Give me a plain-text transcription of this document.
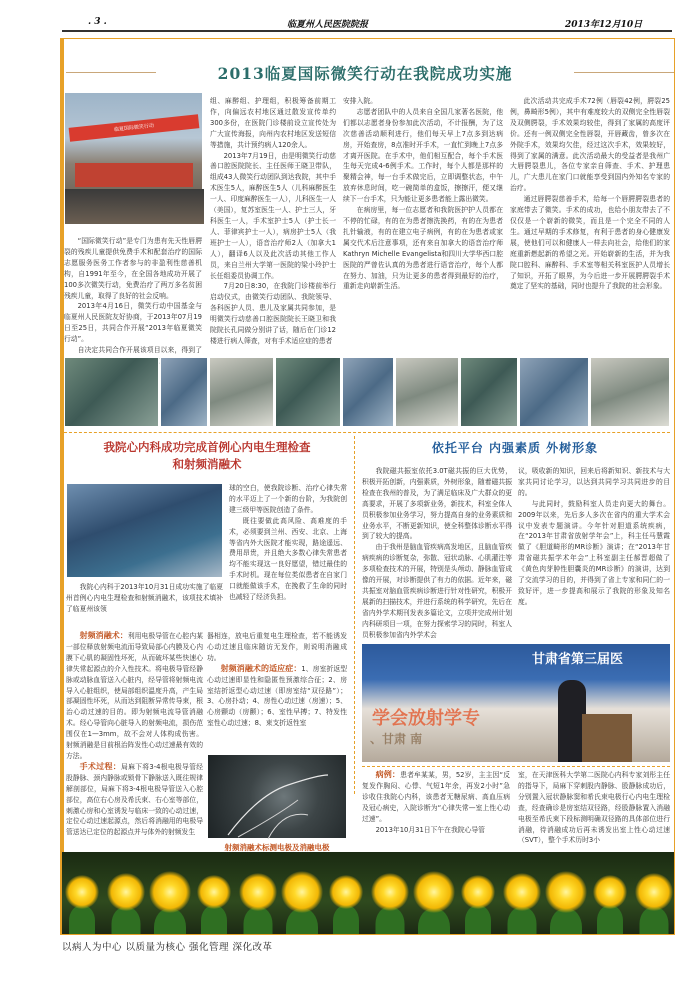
. 3 .	临夏州人民医院院报	2013年12月10日
2013临夏国际微笑行动在我院成功实施
临夏国际微笑行动

“国际微笑行动”是专门为患有先天性唇腭裂的残疾儿童提供免费手术和配套治疗的国际志愿服务医务工作者参与的非盈利性慈善机构，自1991年至今，在全国各地成功开展了100多次微笑行动，免费治疗了两万多名贫困残疾儿童，取得了良好的社会反响。

2013年4月16日，微笑行动中国基金与临夏州人民医院友好协商，于2013年07月19日至25日，共同合作开展“2013年临夏微笑行动”。

自决定共同合作开展该项目以来，得到了

组、麻醉组、护理组，积极筹备前期工作，向偏远农村地区通过散发宣传单约300多份，在医院门诊楼前设立宣传处为广大宣传海报，向州内农村地区发送短信等措施，共计预约病人120余人。

2013年7月19日，由是明微笑行动慈善口腔医院院长、主任医师王晓卫带队，组成43人微笑行动团队到达我院，其中手术医生5人，麻醉医生5人（儿科麻醉医生一人、印度麻醉医生一人），儿科医生一人（美国），复苏室医生一人、护士三人，牙科医生一人，手术室护士5人（护士长一人、菲律宾护士一人），病房护士5人（我班护士一人），语音治疗师2人（加拿大1人），翻译6人以及此次活动其他工作人员，来自兰州大学第一医院的梁小玲护士长任组委员协调工作。

7月20日8:30，在我院门诊楼前举行启动仪式，由微笑行动团队、我院领导、各科医护人员、患儿及家属共同参加，是明微笑行动慈善口腔医院院长王晓卫和我院院长孔同做分别讲了话，随后在门诊12楼进行病人筛查，对有手术适应症的患者

安排入院。

志愿者团队中的人员来自全国几家著名医院，他们都以志愿者身份参加此次活动，不计报酬，为了这次慈善活动顺利进行，他们每天早上7点多到达病房，开始查房，8点准时开手术，一直忙到晚上7点多才离开医院。在手术中，他们相互配合，每个手术医生每天完成4-6例手术。工作时，每个人都是那样的聚精会神，每一台手术做完后，立即调整状态，中午放弃休息时间，吃一碗简单的盒饭，擦擦汗，便又继续下一台手术，只为能让更多患者能上露出微笑。

在病房里，每一位志愿者和我院医护护人员都在不停的忙碌，有的在为患者擦洗换药，有的在为患者扎针输液，有的在建立电子病例，有的在为患者或家属交代术后注意事项，还有来自加拿大的语音治疗师Kathryn Michelle Evangelista和四川大学华西口腔医院的严曾佐认真的为患者进行语音治疗，每个人都在努力、加油，只为让更多的患者得到最好的治疗，重新走向崭新生活。

此次活动共完成手术72例（唇裂42例，腭裂25例，鼻畸形5例），其中有难度较大的双侧完全性唇裂及双侧腭裂，手术效果均较佳，得到了家属的高度评价。还有一例双侧完全性唇裂，开唇藏齿，曾多次在外院手术，效果均欠佳，经过这次手术，效果较好，得到了家属的满意。此次活动最大的受益者是我州广大唇腭裂患儿，各位专家亲自筛查、手术、护理患儿，广大患儿在家门口就能享受到国内外知名专家的治疗。

通过唇腭裂慈善手术，给每一个唇腭腭裂患者的家庭带去了微笑。手术的成功，也给小朋友带去了不仅仅是一个崭新的微笑，而且是一个完全不同的人生。通过早期的手术修复，有利于患者的身心健康发展，使他们可以和健康人一样去向社会，给他们的家庭重新燃起新的希望之光。开始崭新的生活，并为我院口腔科、麻醉科、手术室等相关科室医护人员增长了知识，开拓了眼界，为今后进一步开展腭腭裂手术奠定了坚实的基础，同时也提升了我院的社会形象。

我院心内科成功完成首例心内电生理检查
和射频消融术
我院心内科于2013年10月31日成功实施了临夏州首例心内电生理检查和射频消融术，该项技术填补了临夏州该领

球的空白，使我院诊断、治疗心律失常的水平迈上了一个新的台阶，为我院创建三级甲等医院创造了条件。

既往要做此高风险、高难度的手术，必须要到兰州、西安、北京、上海等省内外大医院才能实现，路途遥远、费用昂贵，并且绝大多数心律失常患者均不能实现这一良好愿望，错过最佳的手术时机。现在每位类似患者在自家门口就能做该手术，在挽救了生命的同时也减轻了经济负担。

射频消融术：利用电极导管在心腔内某一部位释放射频电流而导致局部心内膜及心内膜下心肌的凝固性坏死，从而破坏某些快速心律失常起源点的介入性技术。将电极导管经静脉或动脉血管送入心脏内，经导管将射频电流导入心脏组织，使局部组织温度升高，产生局部凝固性坏死，从而达到阻断异常传导束，根治心动过速的目的。即为射频电流导管消融术。经心导管向心脏导入的射频电流，损伤范围仅在1—3mm，故不会对人体构成伤害。射频消融是目前根治阵发性心动过速最有效的方法。

手术过程：局麻下将3-4根电极导管经股静脉、颈内静脉或锁骨下静脉送入既往规律解剖部位，局麻下将3-4根电极导管送入心腔部位，高位右心房及希氏束、右心室等部位，刺激心房和心室诱发与临床一致的心动过速，定位心动过速起源点，然后将消融用的电极导管送达已定位的起源点并与体外的射频发生

器相连，放电后重复电生理检查，若不能诱发心动过速且临床随访无发作，则说明消融成功。

射频消融术的适应症：1、房室折返型心动过速即显性和隐匿性预激综合征；2、房室结折返型心动过速（即房室结“双径路”）；3、心房扑动；4、房性心动过速（房速）；5、心房颤动（房颤）；6、室性早搏；7、特发性室性心动过速；8、束支折返性室

射频消融术标测电极及消融电极
依托平台 内强素质 外树形象

我院磁共振室依托3.0T磁共振的巨大优势，积极开拓创新，内强素质，外树形象，随着磁共振检查在我州的普及，为了满足临床及广大群众的更高要求，开展了多项新业务，新技术，科室全体人员积极参加业务学习，努力提高自身的业务素质和业务水平，不断更新知识，使全科整体诊断水平得到了较大的提高。

由于我州是脑血管疾病高发地区，且脑血管疾病疾病的诊断复杂，弥散、冠状动脉、心肌灌注等多项检查技术的开展，特别是头颅动、静脉血管成像的开展，对诊断提供了有力的依据。近年来，磁共振室对脑血管疾病诊断进行针对性研究，积极开展新的扫描技术，并进行系统的科学研究，先后在省内外学术期刊发表多篇论文，立项并完成州计划内科研项目一项，在努力探索学习的同时，科室人员积极参加省内外学术会

议，吸收新的知识，回来后将新知识、新技术与大家共同讨论学习，以达到共同学习共同进步的目的。

与此同时，鼓励科室人员走向更大的舞台。2009年以来，先后多人多次在省内的重大学术会议中发表专题演讲。今年针对胆道系统疾病，在“2013年甘肃省放射学年会”上，科主任马慧霞做了《胆道畸形的MR诊断》演讲；在“2013年甘肃省磁共振学术年会”上科室副主任郝晋超做了《黄色肉芽肿性胆囊炎的MR诊断》的演讲，达到了交流学习的目的，并得到了省上专家和同仁的一致好评，进一步提高和展示了我院的形象及知名度。

甘肃省第三届医
学会放射学专
、甘肃 南

病例：患者牟某某，男，52岁，主主因“反复发作胸闷、心悸、气短1年余，再发2小时”急诊收住我院心内科，该患者无糖尿病、高血压病及冠心病史，入院诊断为“心律失常—室上性心动过速”。

2013年10月31日下午在我院心导管

室，在天津医科大学第二医院心内科专家刘彤主任的指导下，局麻下穿刺股内静脉、股静脉成功后，分别置入冠状静脉窦和希氏束电极行心内电生理检查，经查确诊是房室结双径路，经股静脉置入消融电极至希氏束下段标测明确双径路的具体部位进行消融，待消融成功后再未诱发出室上性心动过速（SVT），整个手术历时3小

以病人为中心 以质量为核心 强化管理 深化改革
